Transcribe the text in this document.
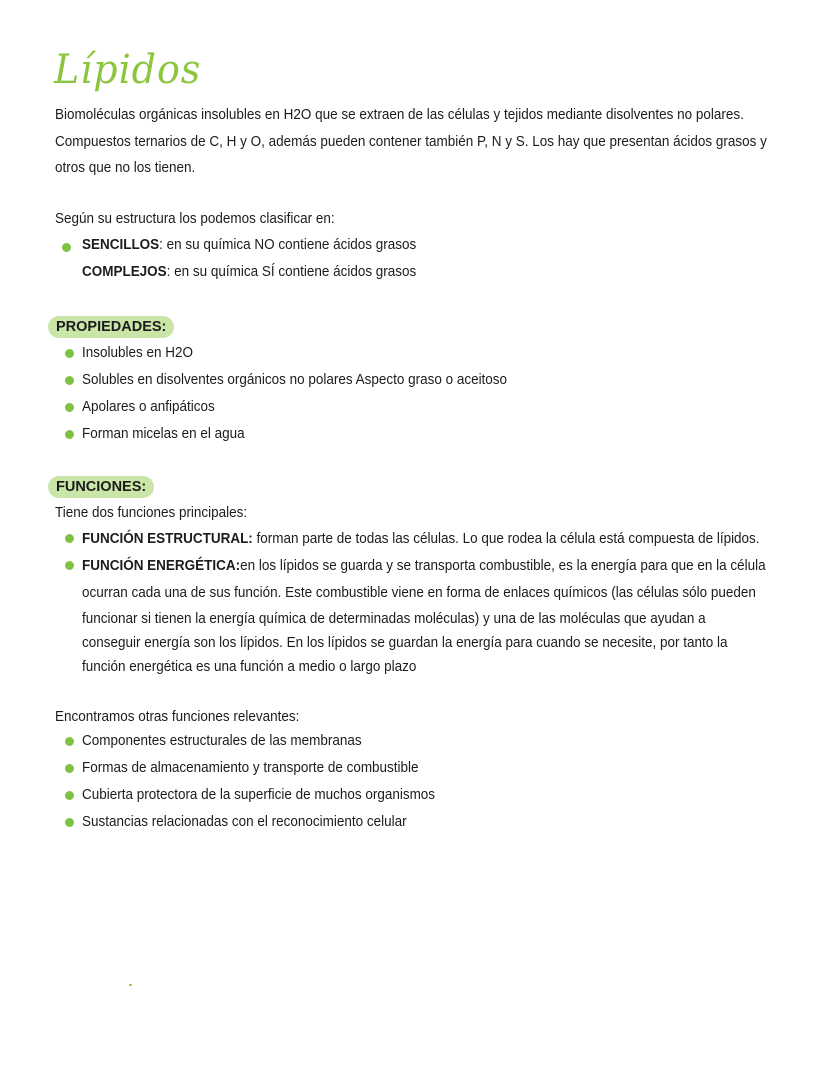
Lípidos
Biomoléculas orgánicas insolubles en H2O que se extraen de las células y tejidos mediante disolventes no polares.
Compuestos ternarios de C, H y O, además pueden contener también P, N y S. Los hay que presentan ácidos grasos y
otros que no los tienen.
Según su estructura los podemos clasificar en:
SENCILLOS: en su química NO contiene ácidos grasos
COMPLEJOS: en su química SÍ contiene ácidos grasos
PROPIEDADES:
Insolubles en H2O
Solubles en disolventes orgánicos no polares Aspecto graso o aceitoso
Apolares o anfipáticos
Forman micelas en el agua
FUNCIONES:
Tiene dos funciones principales:
FUNCIÓN ESTRUCTURAL: forman parte de todas las células. Lo que rodea la célula está compuesta de lípidos.
FUNCIÓN ENERGÉTICA:en los lípidos se guarda y se transporta combustible, es la energía para que en la célula
ocurran cada una de sus función. Este combustible viene en forma de enlaces químicos (las células sólo pueden
funcionar si tienen la energía química de determinadas moléculas) y una de las moléculas que ayudan a
conseguir energía son los lípidos. En los lípidos se guardan la energía para cuando se necesite, por tanto la
función energética es una función a medio o largo plazo
Encontramos otras funciones relevantes:
Componentes estructurales de las membranas
Formas de almacenamiento y transporte de combustible
Cubierta protectora de la superficie de muchos organismos
Sustancias relacionadas con el reconocimiento celular
